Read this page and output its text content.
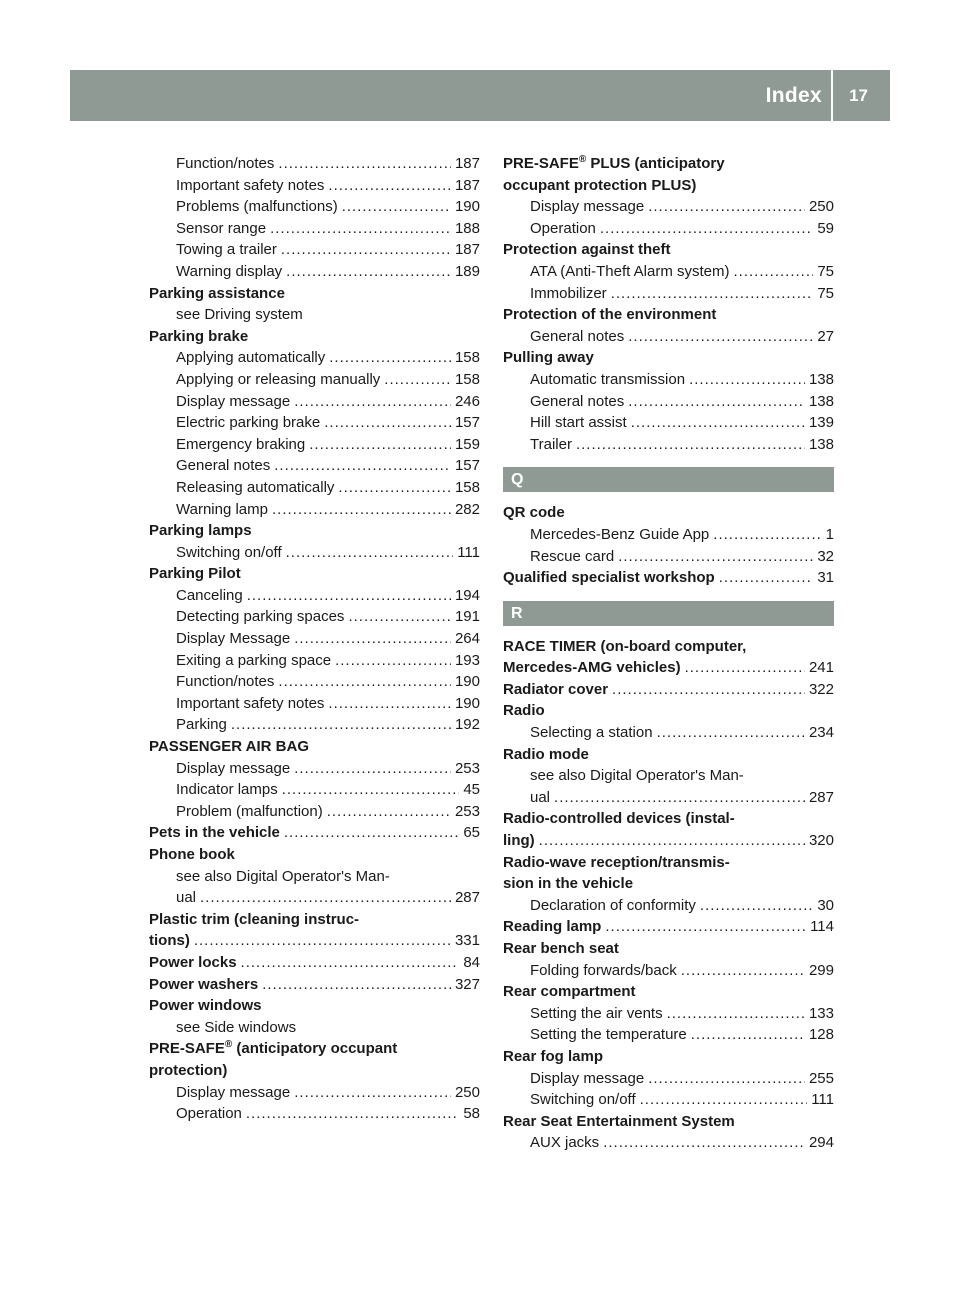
Index 17
Function/notes .....	187
Important safety notes .....	187
Problems (malfunctions) .....	190
Sensor range .....	188
Towing a trailer .....	187
Warning display .....	189
Parking assistance
see Driving system
Parking brake
Applying automatically .....	158
Applying or releasing manually .....	158
Display message .....	246
Electric parking brake .....	157
Emergency braking .....	159
General notes .....	157
Releasing automatically .....	158
Warning lamp .....	282
Parking lamps
Switching on/off .....	111
Parking Pilot
Canceling .....	194
Detecting parking spaces .....	191
Display Message .....	264
Exiting a parking space .....	193
Function/notes .....	190
Important safety notes .....	190
Parking .....	192
PASSENGER AIR BAG
Display message .....	253
Indicator lamps .....	45
Problem (malfunction) .....	253
Pets in the vehicle .....	65
Phone book
see also Digital Operator's Man-
ual .....	287
Plastic trim (cleaning instruc-
tions) .....	331
Power locks .....	84
Power washers .....	327
Power windows
see Side windows
PRE-SAFE® (anticipatory occupant
protection)
Display message .....	250
Operation .....	58
PRE-SAFE® PLUS (anticipatory
occupant protection PLUS)
Display message .....	250
Operation .....	59
Protection against theft
ATA (Anti-Theft Alarm system) .....	75
Immobilizer .....	75
Protection of the environment
General notes .....	27
Pulling away
Automatic transmission .....	138
General notes .....	138
Hill start assist .....	139
Trailer .....	138
Q
QR code
Mercedes-Benz Guide App .....	1
Rescue card .....	32
Qualified specialist workshop .....	31
R
RACE TIMER (on-board computer,
Mercedes-AMG vehicles) .....	241
Radiator cover .....	322
Radio
Selecting a station .....	234
Radio mode
see also Digital Operator's Man-
ual .....	287
Radio-controlled devices (instal-
ling) .....	320
Radio-wave reception/transmis-
sion in the vehicle
Declaration of conformity .....	30
Reading lamp .....	114
Rear bench seat
Folding forwards/back .....	299
Rear compartment
Setting the air vents .....	133
Setting the temperature .....	128
Rear fog lamp
Display message .....	255
Switching on/off .....	111
Rear Seat Entertainment System
AUX jacks .....	294
